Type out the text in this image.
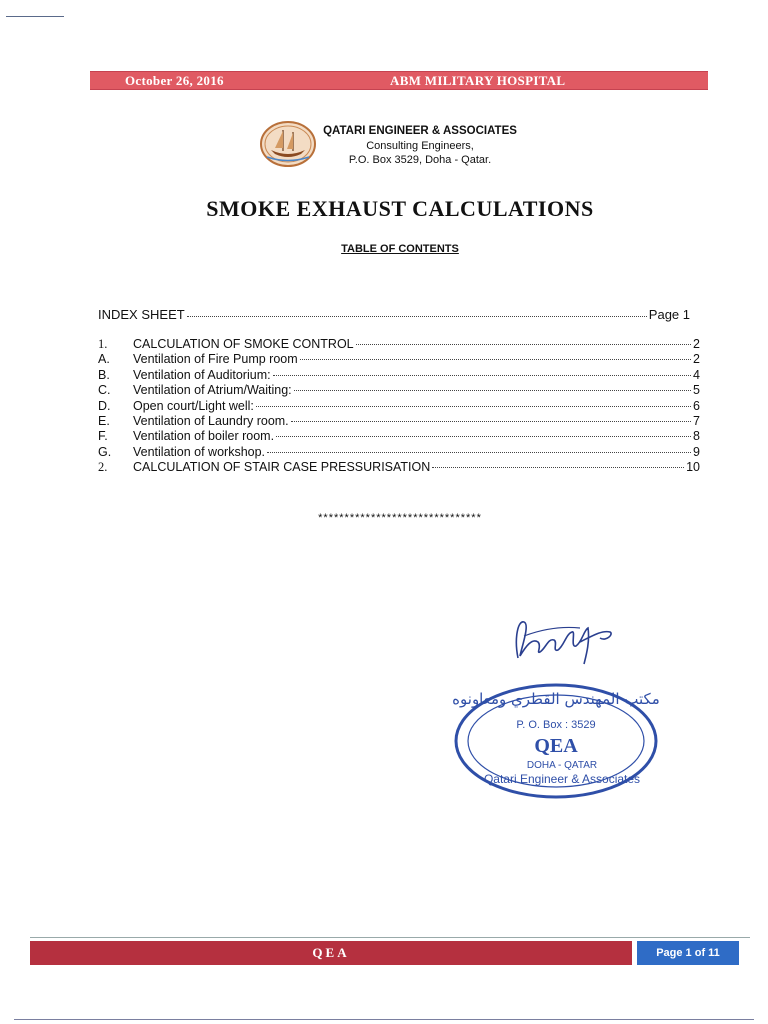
October 26, 2016	ABM MILITARY HOSPITAL
QATARI ENGINEER & ASSOCIATES
Consulting Engineers,
P.O. Box 3529, Doha - Qatar.
SMOKE EXHAUST CALCULATIONS
TABLE OF CONTENTS
INDEX SHEET	Page 1
1.	CALCULATION OF SMOKE CONTROL	2
A.	Ventilation of Fire Pump room	2
B.	Ventilation of Auditorium:	4
C.	Ventilation of Atrium/Waiting:	5
D.	Open court/Light well:	6
E.	Ventilation of Laundry room.	7
F.	Ventilation of boiler room.	8
G.	Ventilation of workshop.	9
2.	CALCULATION OF STAIR CASE PRESSURISATION	10
*******************************
مكتب المهندس القطري ومعاونوه
P. O. Box : 3529
QEA
DOHA - QATAR
Qatari Engineer & Associates
QEA	Page 1 of 11
